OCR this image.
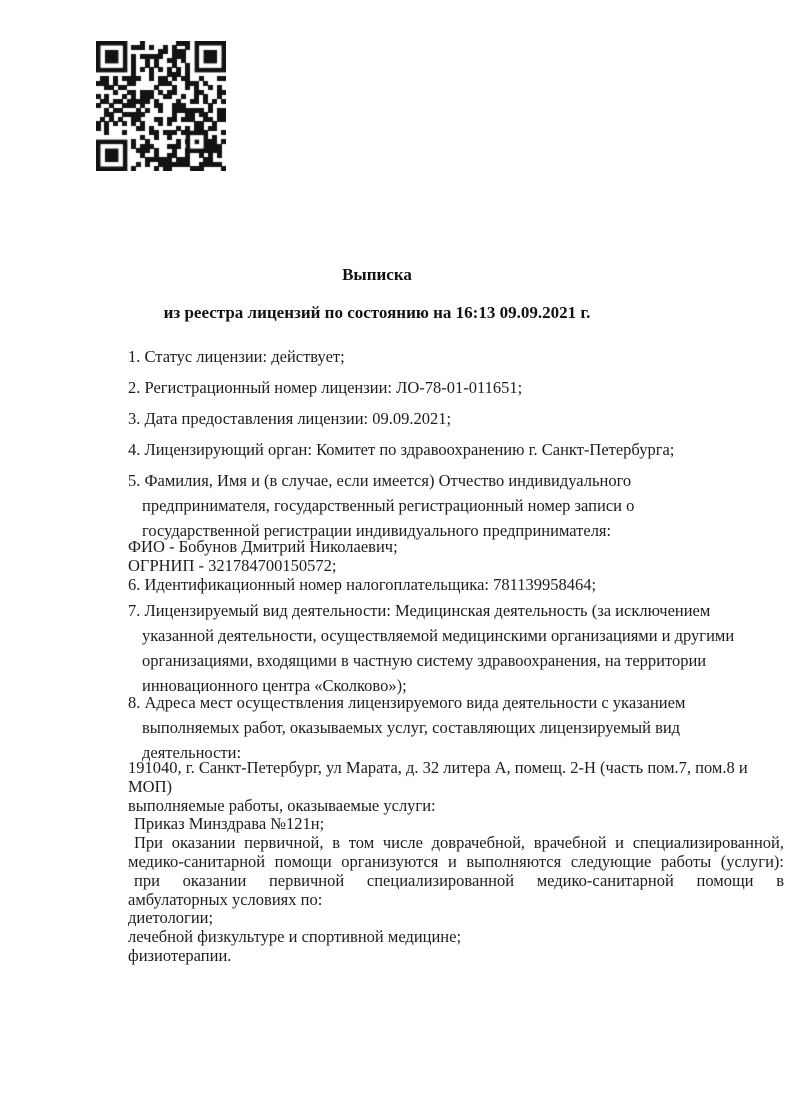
Выписка
из реестра лицензий по состоянию на 16:13 09.09.2021 г.
1. Статус лицензии: действует;
2. Регистрационный номер лицензии: ЛО-78-01-011651;
3. Дата предоставления лицензии: 09.09.2021;
4. Лицензирующий орган: Комитет по здравоохранению г. Санкт-Петербурга;
5. Фамилия, Имя и (в случае, если имеется) Отчество индивидуального
предпринимателя, государственный регистрационный номер записи о
государственной регистрации индивидуального предпринимателя:
ФИО - Бобунов Дмитрий Николаевич;
ОГРНИП - 321784700150572;
6. Идентификационный номер налогоплательщика: 781139958464;
7. Лицензируемый вид деятельности: Медицинская деятельность (за исключением
указанной деятельности, осуществляемой медицинскими организациями и другими
организациями, входящими в частную систему здравоохранения, на территории
инновационного центра «Сколково»);
8. Адреса мест осуществления лицензируемого вида деятельности с указанием
выполняемых работ, оказываемых услуг, составляющих лицензируемый вид
деятельности:
191040, г. Санкт-Петербург, ул Марата, д. 32 литера А, помещ. 2-Н (часть пом.7, пом.8 и
МОП)
выполняемые работы, оказываемые услуги:
Приказ Минздрава №121н;
При оказании первичной, в том числе доврачебной, врачебной и специализированной,
медико-санитарной помощи организуются и выполняются следующие работы (услуги):
при оказании первичной специализированной медико-санитарной помощи в
амбулаторных условиях по:
диетологии;
лечебной физкультуре и спортивной медицине;
физиотерапии.
